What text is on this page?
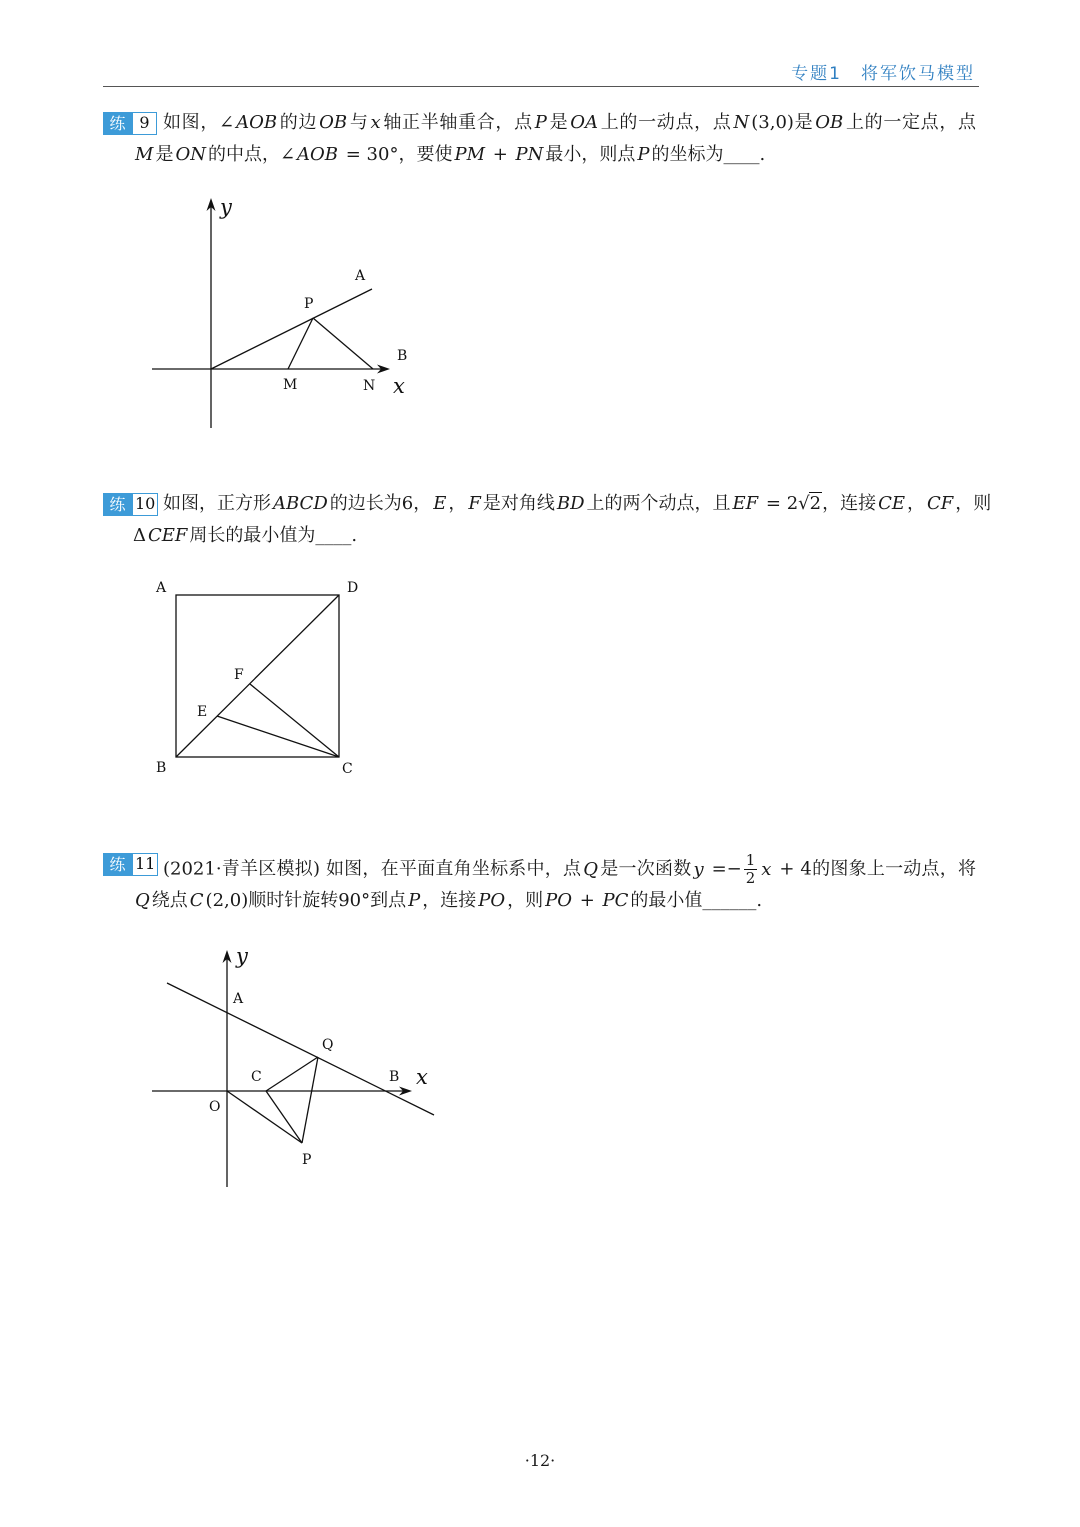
专题1　将军饮马模型
练 9 如图，∠ AOB 的边 OB 与 x 轴正半轴重合，点 P 是 OA 上的一动点，点 N (3,0)是 OB 上的一定点，点
M 是 ON 的中点，∠ AOB = 30°，要使 PM + PN 最小，则点 P 的坐标为____.
y
x
A
P
B
M	N
练 10 如图，正方形 ABCD 的边长为6， E ， F 是对角线 BD 上的两个动点，且 EF = 2√2，连接 CE ， CF ，则
Δ CEF 周长的最小值为____.
A	D
F
E
B	C
练 11 (2021·青羊区模拟) 如图，在平面直角坐标系中，点 Q 是一次函数 $y =- \frac{1}{2}$ x + 4的图象上一动点，将
Q 绕点 C (2,0)顺时针旋转90°到点 P ，连接 PO ，则 PO + PC 的最小值______.
y
x
A
Q
C	B
O
P
·12·
